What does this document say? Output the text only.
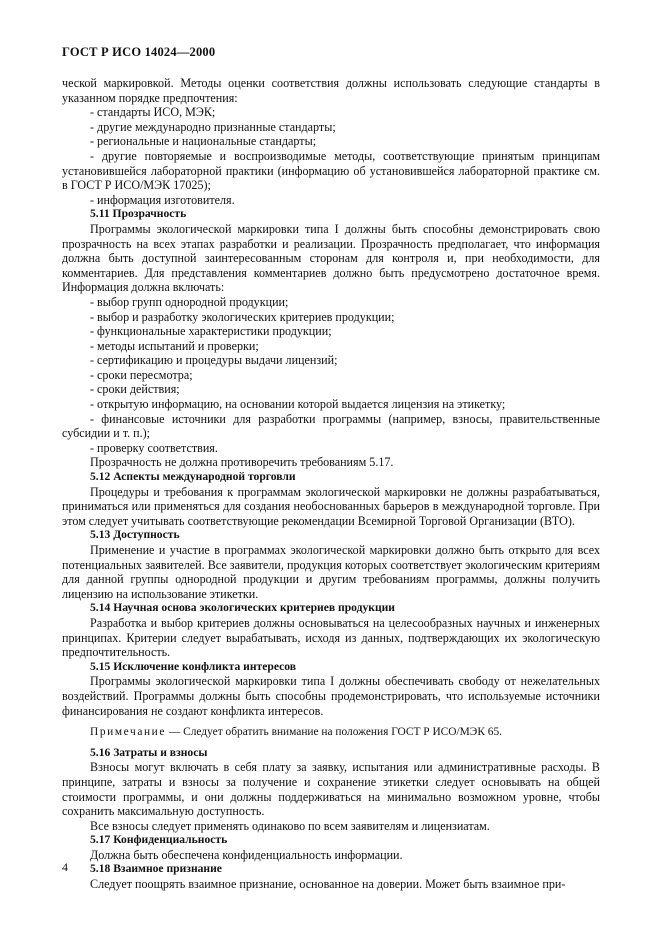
ГОСТ Р ИСО 14024—2000

ческой маркировкой. Методы оценки соответствия должны использовать следующие стандарты в указанном порядке предпочтения:

- стандарты ИСО, МЭК;

- другие международно признанные стандарты;

- региональные и национальные стандарты;

- другие повторяемые и воспроизводимые методы, соответствующие принятым принципам установившейся лабораторной практики (информацию об установившейся лабораторной практике см. в ГОСТ Р ИСО/МЭК 17025);

- информация изготовителя.

5.11 Прозрачность

Программы экологической маркировки типа I должны быть способны демонстрировать свою прозрачность на всех этапах разработки и реализации. Прозрачность предполагает, что информация должна быть доступной заинтересованным сторонам для контроля и, при необходимости, для комментариев. Для представления комментариев должно быть предусмотрено достаточное время. Информация должна включать:

- выбор групп однородной продукции;

- выбор и разработку экологических критериев продукции;

- функциональные характеристики продукции;

- методы испытаний и проверки;

- сертификацию и процедуры выдачи лицензий;

- сроки пересмотра;

- сроки действия;

- открытую информацию, на основании которой выдается лицензия на этикетку;

- финансовые источники для разработки программы (например, взносы, правительственные субсидии и т. п.);

- проверку соответствия.

Прозрачность не должна противоречить требованиям 5.17.

5.12 Аспекты международной торговли

Процедуры и требования к программам экологической маркировки не должны разрабатываться, приниматься или применяться для создания необоснованных барьеров в международной торговле. При этом следует учитывать соответствующие рекомендации Всемирной Торговой Организации (ВТО).

5.13 Доступность

Применение и участие в программах экологической маркировки должно быть открыто для всех потенциальных заявителей. Все заявители, продукция которых соответствует экологическим критериям для данной группы однородной продукции и другим требованиям программы, должны получить лицензию на использование этикетки.

5.14 Научная основа экологических критериев продукции

Разработка и выбор критериев должны основываться на целесообразных научных и инженерных принципах. Критерии следует вырабатывать, исходя из данных, подтверждающих их экологическую предпочтительность.

5.15 Исключение конфликта интересов

Программы экологической маркировки типа I должны обеспечивать свободу от нежелательных воздействий. Программы должны быть способны продемонстрировать, что используемые источники финансирования не создают конфликта интересов.

Примечание — Следует обратить внимание на положения ГОСТ Р ИСО/МЭК 65.

5.16 Затраты и взносы

Взносы могут включать в себя плату за заявку, испытания или административные расходы. В принципе, затраты и взносы за получение и сохранение этикетки следует основывать на общей стоимости программы, и они должны поддерживаться на минимально возможном уровне, чтобы сохранить максимальную доступность.

Все взносы следует применять одинаково по всем заявителям и лицензиатам.

5.17 Конфиденциальность

Должна быть обеспечена конфиденциальность информации.

5.18 Взаимное признание

Следует поощрять взаимное признание, основанное на доверии. Может быть взаимное при-

4
